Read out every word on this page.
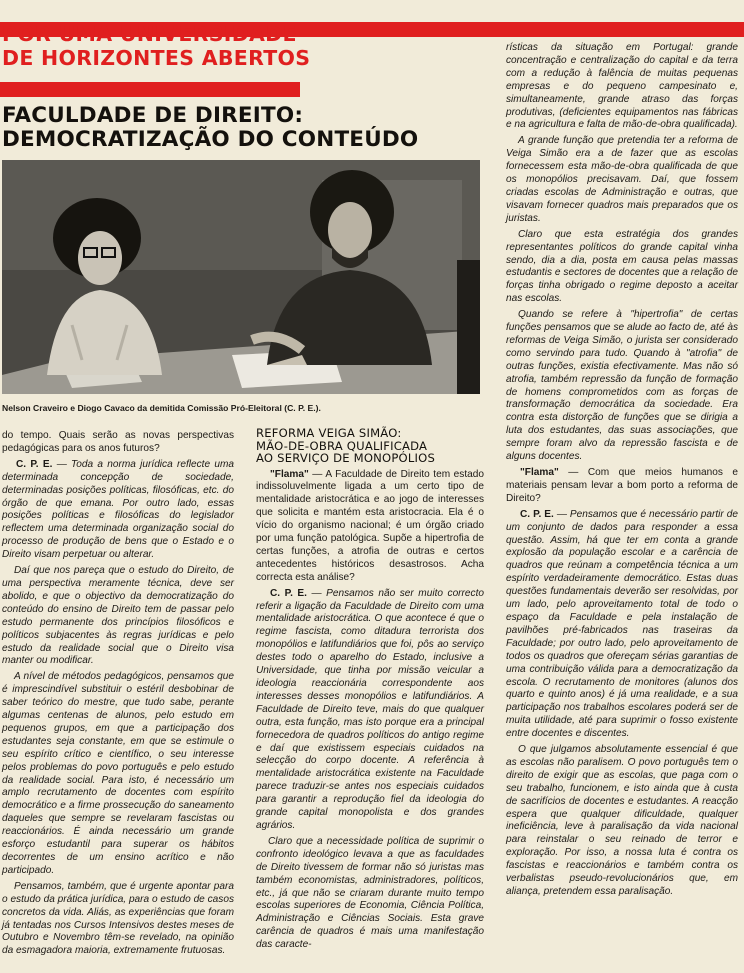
POR UMA UNIVERSIDADE
DE HORIZONTES ABERTOS
FACULDADE DE DIREITO:
DEMOCRATIZAÇÃO DO CONTEÚDO
Nelson Craveiro e Diogo Cavaco da demitida Comissão Pró-Eleitoral (C. P. E.).

do tempo. Quais serão as novas perspectivas pedagógicas para os anos futuros?

C. P. E. — Toda a norma jurídica reflecte uma determinada concepção de sociedade, determinadas posições políticas, filosóficas, etc. do órgão de que emana. Por outro lado, essas posições políticas e filosóficas do legislador reflectem uma determinada organização social do processo de produção de bens que o Estado e o Direito visam perpetuar ou alterar.

Daí que nos pareça que o estudo do Direito, de uma perspectiva meramente técnica, deve ser abolido, e que o objectivo da democratização do conteúdo do ensino de Direito tem de passar pelo estudo permanente dos princípios filosóficos e políticos subjacentes às regras jurídicas e pelo estudo da realidade social que o Direito visa manter ou modificar.

A nível de métodos pedagógicos, pensamos que é imprescindível substituir o estéril desbobinar de saber teórico do mestre, que tudo sabe, perante algumas centenas de alunos, pelo estudo em pequenos grupos, em que a participação dos estudantes seja constante, em que se estimule o seu espírito crítico e científico, o seu interesse pelos problemas do povo português e pelo estudo da realidade social. Para isto, é necessário um amplo recrutamento de docentes com espírito democrático e a firme prossecução do saneamento daqueles que sempre se revelaram fascistas ou reaccionários. É ainda necessário um grande esforço estudantil para superar os hábitos decorrentes de um ensino acrítico e não participado.

Pensamos, também, que é urgente apontar para o estudo da prática jurídica, para o estudo de casos concretos da vida. Aliás, as experiências que foram já tentadas nos Cursos Intensivos destes meses de Outubro e Novembro têm-se revelado, na opinião da esmagadora maioria, extremamente frutuosas.

REFORMA VEIGA SIMÃO:
MÃO-DE-OBRA QUALIFICADA
AO SERVIÇO DE MONOPÓLIOS

"Flama" — A Faculdade de Direito tem estado indissoluvelmente ligada a um certo tipo de mentalidade aristocrática e ao jogo de interesses que solicita e mantém esta aristocracia. Ela é o vício do organismo nacional; é um órgão criado por uma função patológica. Supõe a hipertrofia de certas funções, a atrofia de outras e certos antecedentes históricos desastrosos. Acha correcta esta análise?

C. P. E. — Pensamos não ser muito correcto referir a ligação da Faculdade de Direito com uma mentalidade aristocrática. O que acontece é que o regime fascista, como ditadura terrorista dos monopólios e latifundiários que foi, pôs ao serviço destes todo o aparelho do Estado, inclusive a Universidade, que tinha por missão veicular a ideologia reaccionária correspondente aos interesses desses monopólios e latifundiários. A Faculdade de Direito teve, mais do que qualquer outra, esta função, mas isto porque era a principal fornecedora de quadros políticos do antigo regime e daí que existissem especiais cuidados na selecção do corpo docente. A referência à mentalidade aristocrática existente na Faculdade parece traduzir-se antes nos especiais cuidados para garantir a reprodução fiel da ideologia do grande capital monopolista e dos grandes agrários.

Claro que a necessidade política de suprimir o confronto ideológico levava a que as faculdades de Direito tivessem de formar não só juristas mas também economistas, administradores, políticos, etc., já que não se criaram durante muito tempo escolas superiores de Economia, Ciência Política, Administração e Ciências Sociais. Esta grave carência de quadros é mais uma manifestação das caracte-

rísticas da situação em Portugal: grande concentração e centralização do capital e da terra com a redução à falência de muitas pequenas empresas e do pequeno campesinato e, simultaneamente, grande atraso das forças produtivas, (deficientes equipamentos nas fábricas e na agricultura e falta de mão-de-obra qualificada).

A grande função que pretendia ter a reforma de Veiga Simão era a de fazer que as escolas fornecessem esta mão-de-obra qualificada de que os monopólios precisavam. Daí, que fossem criadas escolas de Administração e outras, que visavam fornecer quadros mais preparados que os juristas.

Claro que esta estratégia dos grandes representantes políticos do grande capital vinha sendo, dia a dia, posta em causa pelas massas estudantis e sectores de docentes que a relação de forças tinha obrigado o regime deposto a aceitar nas escolas.

Quando se refere à "hipertrofia" de certas funções pensamos que se alude ao facto de, até às reformas de Veiga Simão, o jurista ser considerado como servindo para tudo. Quando à "atrofia" de outras funções, existia efectivamente. Mas não só atrofia, também repressão da função de formação de homens comprometidos com as forças de transformação democrática da sociedade. Era contra esta distorção de funções que se dirigia a luta dos estudantes, das suas associações, que sempre foram alvo da repressão fascista e de alguns docentes.

"Flama" — Com que meios humanos e materiais pensam levar a bom porto a reforma de Direito?

C. P. E. — Pensamos que é necessário partir de um conjunto de dados para responder a essa questão. Assim, há que ter em conta a grande explosão da população escolar e a carência de quadros que reúnam a competência técnica a um espírito verdadeiramente democrático. Estas duas questões fundamentais deverão ser resolvidas, por um lado, pelo aproveitamento total de todo o espaço da Faculdade e pela instalação de pavilhões pré-fabricados nas traseiras da Faculdade; por outro lado, pelo aproveitamento de todos os quadros que ofereçam sérias garantias de uma contribuição válida para a democratização da escola. O recrutamento de monitores (alunos dos quarto e quinto anos) é já uma realidade, e a sua participação nos trabalhos escolares poderá ser de muita utilidade, até para suprimir o fosso existente entre docentes e discentes.

O que julgamos absolutamente essencial é que as escolas não paralisem. O povo português tem o direito de exigir que as escolas, que paga com o seu trabalho, funcionem, e isto ainda que à custa de sacrifícios de docentes e estudantes. A reacção espera que qualquer dificuldade, qualquer ineficiência, leve à paralisação da vida nacional para reinstalar o seu reinado de terror e exploração. Por isso, a nossa luta é contra os fascistas e reaccionários e também contra os verbalistas pseudo-revolucionários que, em aliança, pretendem essa paralisação.
